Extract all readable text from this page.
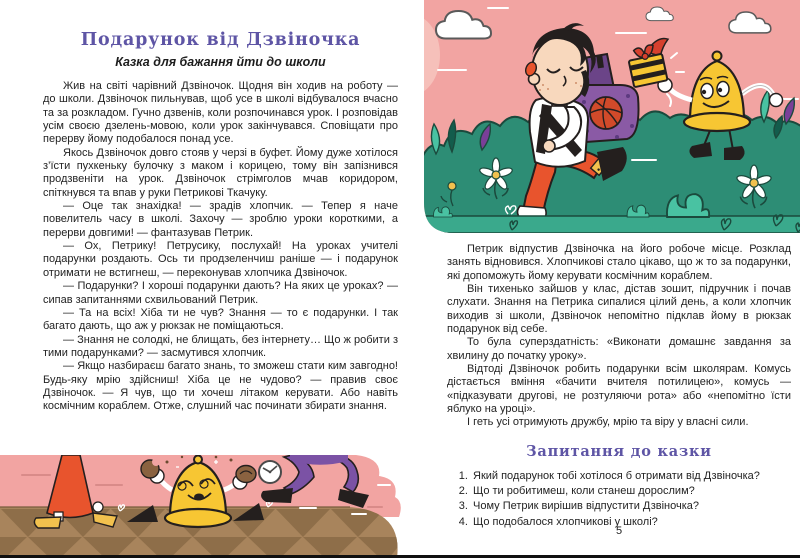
Подарунок від Дзвіночка
Казка для бажання йти до школи

Жив на світі чарівний Дзвіночок. Щодня він ходив на роботу — до школи. Дзвіночок пильнував, щоб усе в школі відбувалося вчасно та за розкладом. Гучно дзвенів, коли розпочинався урок. І розповідав усім своєю дзелень-мовою, коли урок закінчувався. Сповіщати про перерву йому подобалося понад усе.

Якось Дзвіночок довго стояв у черзі в буфет. Йому дуже хотілося з’їсти пухкеньку булочку з маком і корицею, тому він запізнився продзвеніти на урок. Дзвіночок стрімголов мчав коридором, спіткнувся та впав у руки Петрикові Ткачуку.

— Оце так знахідка! — зрадів хлопчик. — Тепер я наче повелитель часу в школі. Захочу — зроблю уроки короткими, а перерви довгими! — фантазував Петрик.

— Ох, Петрику! Петрусику, послухай! На уроках учителі подарунки роздають. Ось ти продзеленчиш раніше — і подарунок отримати не встигнеш, — переконував хлопчика Дзвіночок.

— Подарунки? І хороші подарунки дають? На яких це уроках? — сипав запитаннями схвильований Петрик.

— Та на всіх! Хіба ти не чув? Знання — то є подарунки. І так багато дають, що аж у рюкзак не поміщаються.

— Знання не солодкі, не блищать, без інтернету… Що ж робити з тими подарунками? — засмутився хлопчик.

— Якщо назбираєш багато знань, то зможеш стати ким завгодно! Будь-яку мрію здійсниш! Хіба це не чудово? — правив своє Дзвіночок. — Я чув, що ти хочеш літаком керувати. Або навіть космічним кораблем. Отже, слушний час починати збирати знання.

Петрик відпустив Дзвіночка на його робоче місце. Розклад занять відновився. Хлопчикові стало цікаво, що ж то за подарунки, які допоможуть йому керувати космічним кораблем.

Він тихенько зайшов у клас, дістав зошит, підручник і почав слухати. Знання на Петрика сипалися цілий день, а коли хлопчик виходив зі школи, Дзвіночок непомітно підклав йому в рюкзак подарунок від себе.

То була суперздатність: «Виконати домашнє завдання за хвилину до початку уроку».

Відтоді Дзвіночок робить подарунки всім школярам. Комусь дістається вміння «бачити вчителя потилицею», комусь — «підказувати другові, не розтуляючи рота» або «непомітно їсти яблуко на уроці».

І геть усі отримують дружбу, мрію та віру у власні сили.

Запитання до казки
1. Який подарунок тобі хотілося б отримати від Дзвіночка?
2. Що ти робитимеш, коли станеш дорослим?
3. Чому Петрик вирішив відпустити Дзвіночка?
4. Що подобалося хлопчикові у школі?
5
